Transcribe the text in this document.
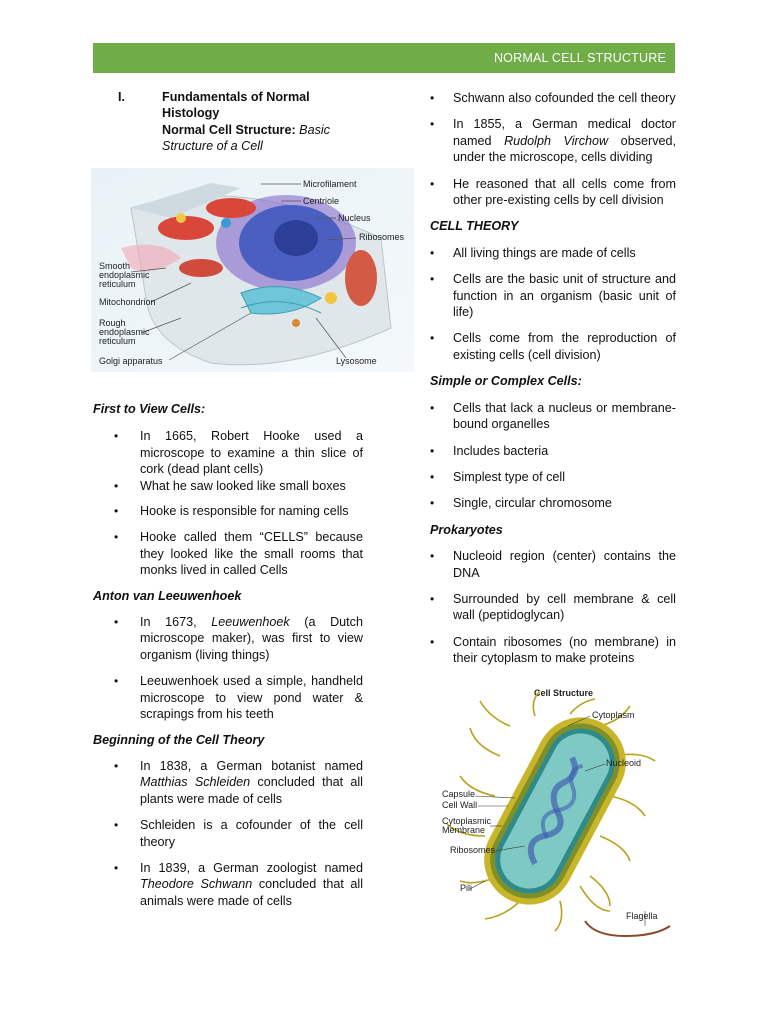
NORMAL CELL STRUCTURE
I.	Fundamentals of Normal Histology
Normal Cell Structure: Basic Structure of a Cell
Microfilament
Centriole
Nucleus
Ribosomes
Smooth
endoplasmic
reticulum
Mitochondrion
Rough
endoplasmic
reticulum
Golgi apparatus	Lysosome

First to View Cells:

• In 1665, Robert Hooke used a microscope to examine a thin slice of cork (dead plant cells)
• What he saw looked like small boxes
• Hooke is responsible for naming cells
• Hooke called them “CELLS” because they looked like the small rooms that monks lived in called Cells

Anton van Leeuwenhoek

• In 1673, Leeuwenhoek (a Dutch microscope maker), was first to view organism (living things)
• Leeuwenhoek used a simple, handheld microscope to view pond water & scrapings from his teeth

Beginning of the Cell Theory

• In 1838, a German botanist named Matthias Schleiden concluded that all plants were made of cells
• Schleiden is a cofounder of the cell theory
• In 1839, a German zoologist named Theodore Schwann concluded that all animals were made of cells
• Schwann also cofounded the cell theory
• In 1855, a German medical doctor named Rudolph Virchow observed, under the microscope, cells dividing
• He reasoned that all cells come from other pre-existing cells by cell division

CELL THEORY

• All living things are made of cells
• Cells are the basic unit of structure and function in an organism (basic unit of life)
• Cells come from the reproduction of existing cells (cell division)

Simple or Complex Cells:

• Cells that lack a nucleus or membrane-bound organelles
• Includes bacteria
• Simplest type of cell
• Single, circular chromosome

Prokaryotes

• Nucleoid region (center) contains the DNA
• Surrounded by cell membrane & cell wall (peptidoglycan)
• Contain ribosomes (no membrane) in their cytoplasm to make proteins
Cell Structure
Cytoplasm
Nucleoid
Capsule
Cell Wall
Cytoplasmic
Membrane
Ribosomes
Pili
Flagella
